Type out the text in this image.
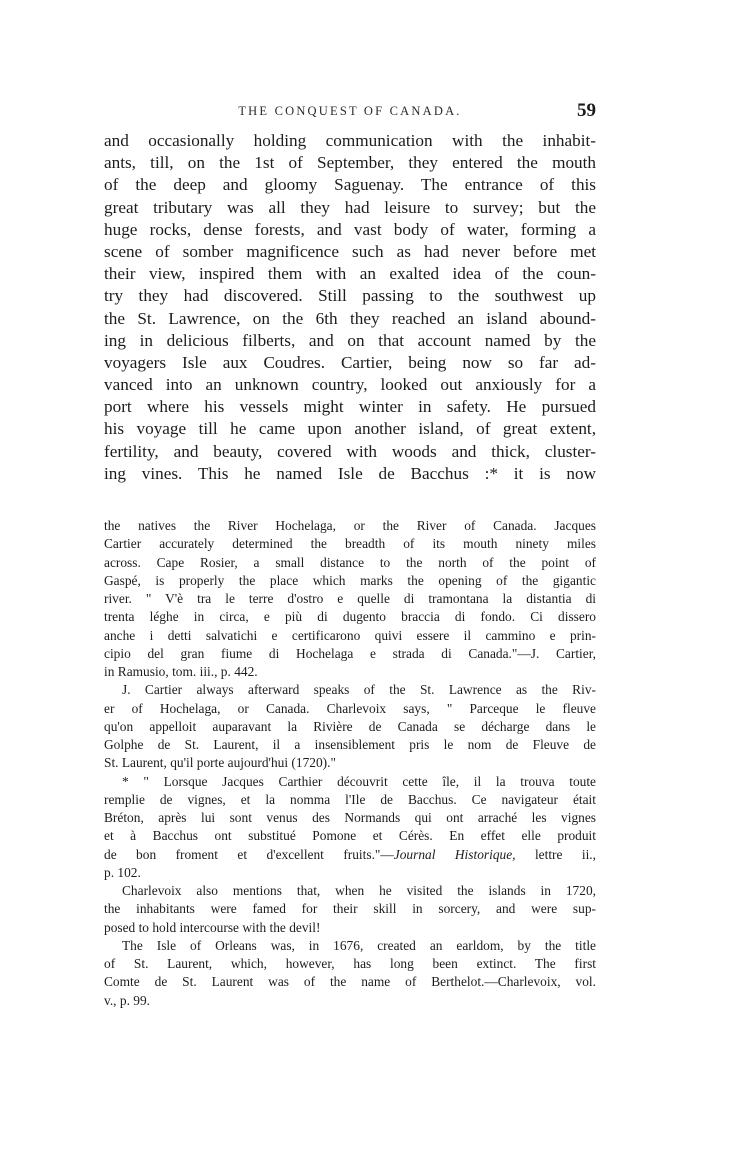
THE CONQUEST OF CANADA.	59
and occasionally holding communication with the inhabit-
ants, till, on the 1st of September, they entered the mouth
of the deep and gloomy Saguenay. The entrance of this
great tributary was all they had leisure to survey; but the
huge rocks, dense forests, and vast body of water, forming a
scene of somber magnificence such as had never before met
their view, inspired them with an exalted idea of the coun-
try they had discovered. Still passing to the southwest up
the St. Lawrence, on the 6th they reached an island abound-
ing in delicious filberts, and on that account named by the
voyagers Isle aux Coudres. Cartier, being now so far ad-
vanced into an unknown country, looked out anxiously for a
port where his vessels might winter in safety. He pursued
his voyage till he came upon another island, of great extent,
fertility, and beauty, covered with woods and thick, cluster-
ing vines. This he named Isle de Bacchus :* it is now
the natives the River Hochelaga, or the River of Canada. Jacques
Cartier accurately determined the breadth of its mouth ninety miles
across. Cape Rosier, a small distance to the north of the point of
Gaspé, is properly the place which marks the opening of the gigantic
river. " V'è tra le terre d'ostro e quelle di tramontana la distantia di
trenta léghe in circa, e più di dugento braccia di fondo. Ci dissero
anche i detti salvatichi e certificarono quivi essere il cammino e prin-
cipio del gran fiume di Hochelaga e strada di Canada."—J. Cartier,
in Ramusio, tom. iii., p. 442.
J. Cartier always afterward speaks of the St. Lawrence as the Riv-
er of Hochelaga, or Canada. Charlevoix says, " Parceque le fleuve
qu'on appelloit auparavant la Rivière de Canada se décharge dans le
Golphe de St. Laurent, il a insensiblement pris le nom de Fleuve de
St. Laurent, qu'il porte aujourd'hui (1720)."
* " Lorsque Jacques Carthier découvrit cette île, il la trouva toute
remplie de vignes, et la nomma l'Ile de Bacchus. Ce navigateur était
Bréton, après lui sont venus des Normands qui ont arraché les vignes
et à Bacchus ont substitué Pomone et Cérès. En effet elle produit
de bon froment et d'excellent fruits."—Journal Historique, lettre ii.,
p. 102.
Charlevoix also mentions that, when he visited the islands in 1720,
the inhabitants were famed for their skill in sorcery, and were sup-
posed to hold intercourse with the devil!
The Isle of Orleans was, in 1676, created an earldom, by the title
of St. Laurent, which, however, has long been extinct. The first
Comte de St. Laurent was of the name of Berthelot.—Charlevoix, vol.
v., p. 99.
